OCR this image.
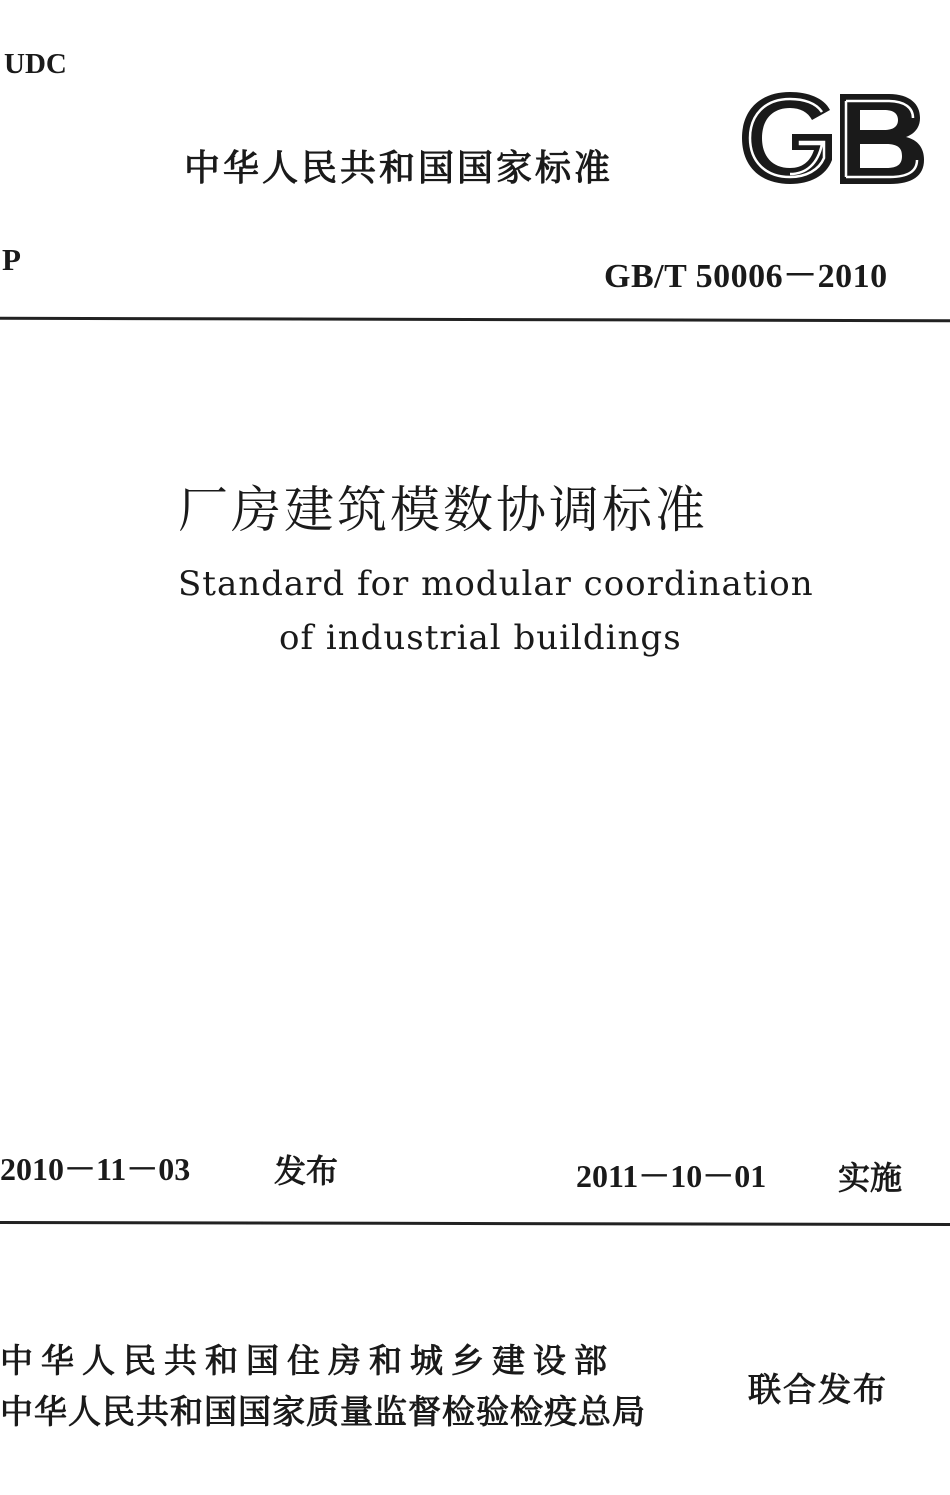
UDC
中华人民共和国国家标准
P	GB/T 50006－2010
厂房建筑模数协调标准
Standard for modular coordination
of industrial buildings
2010－11－03	发布	2011－10－01 实施
中华人民共和国住房和城乡建设部
中华人民共和国国家质量监督检验检疫总局
联合发布
